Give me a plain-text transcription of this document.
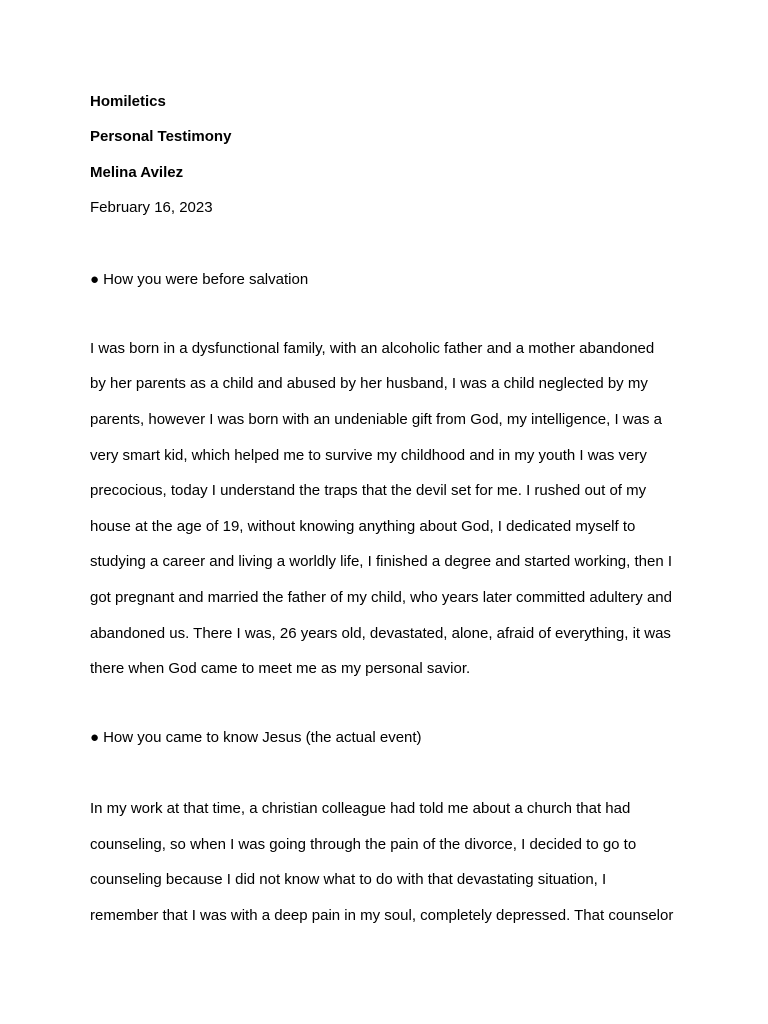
Homiletics
Personal Testimony
Melina Avilez
February 16, 2023
● How you were before salvation
I was born in a dysfunctional family, with an alcoholic father and a mother abandoned
by her parents as a child and abused by her husband, I was a child neglected by my
parents, however I was born with an undeniable gift from God, my intelligence, I was a
very smart kid, which helped me to survive my childhood and in my youth I was very
precocious, today I understand the traps that the devil set for me. I rushed out of my
house at the age of 19, without knowing anything about God, I dedicated myself to
studying a career and living a worldly life, I finished a degree and started working, then I
got pregnant and married the father of my child, who years later committed adultery and
abandoned us. There I was, 26 years old, devastated, alone, afraid of everything, it was
there when God came to meet me as my personal savior.
● How you came to know Jesus (the actual event)
In my work at that time, a christian colleague had told me about a church that had
counseling, so when I was going through the pain of the divorce, I decided to go to
counseling because I did not know what to do with that devastating situation, I
remember that I was with a deep pain in my soul, completely depressed. That counselor
